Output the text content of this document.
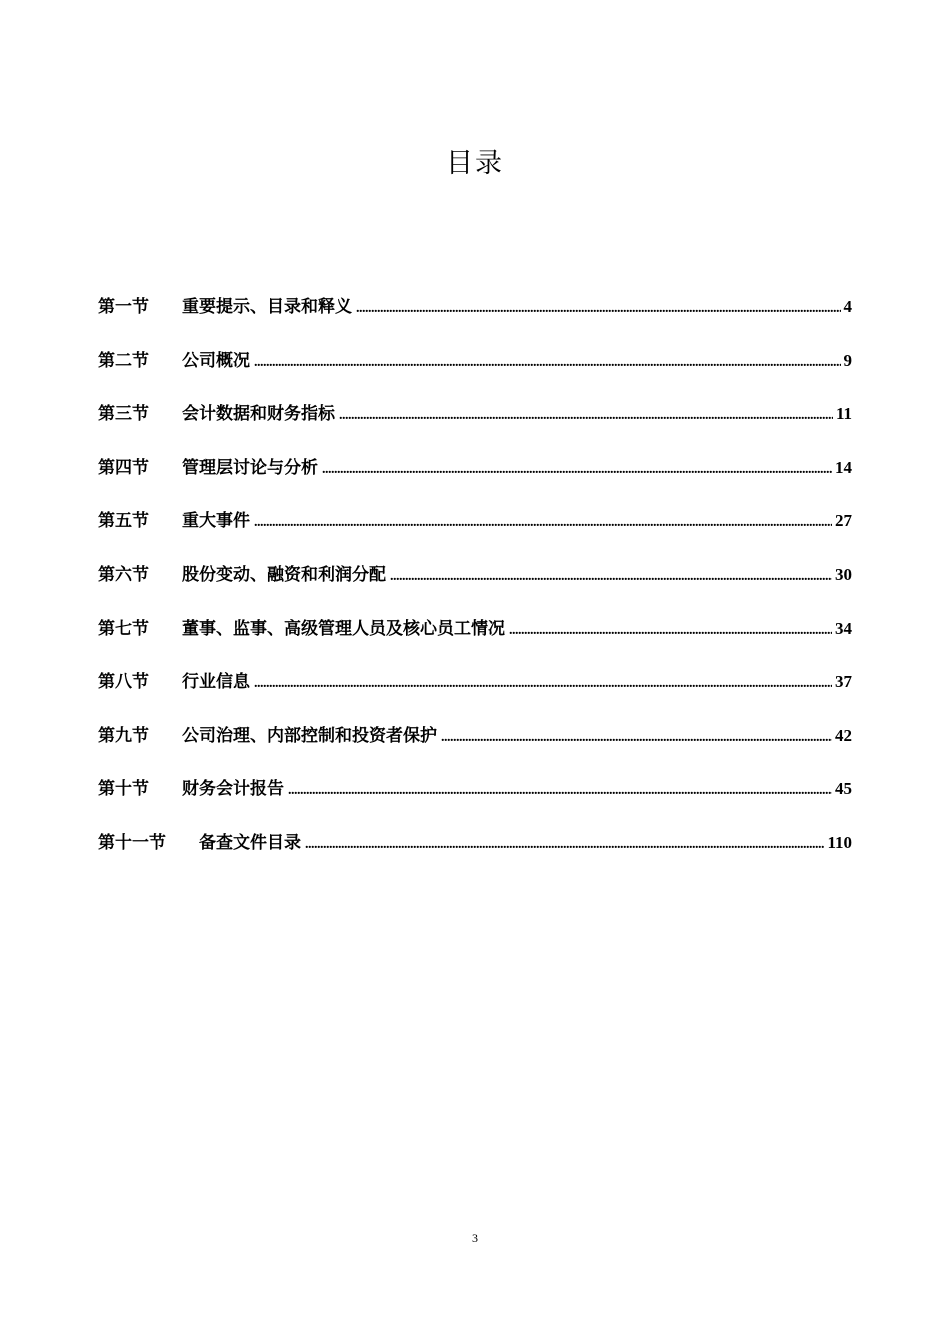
目录
第一节	重要提示、目录和释义 .....	4
第二节	公司概况 .....	9
第三节	会计数据和财务指标 .....	11
第四节	管理层讨论与分析 .....	14
第五节	重大事件 .....	27
第六节	股份变动、融资和利润分配 .....	30
第七节	董事、监事、高级管理人员及核心员工情况 .....	34
第八节	行业信息 .....	37
第九节	公司治理、内部控制和投资者保护 .....	42
第十节	财务会计报告 .....	45
第十一节	备查文件目录 .....	110
3
